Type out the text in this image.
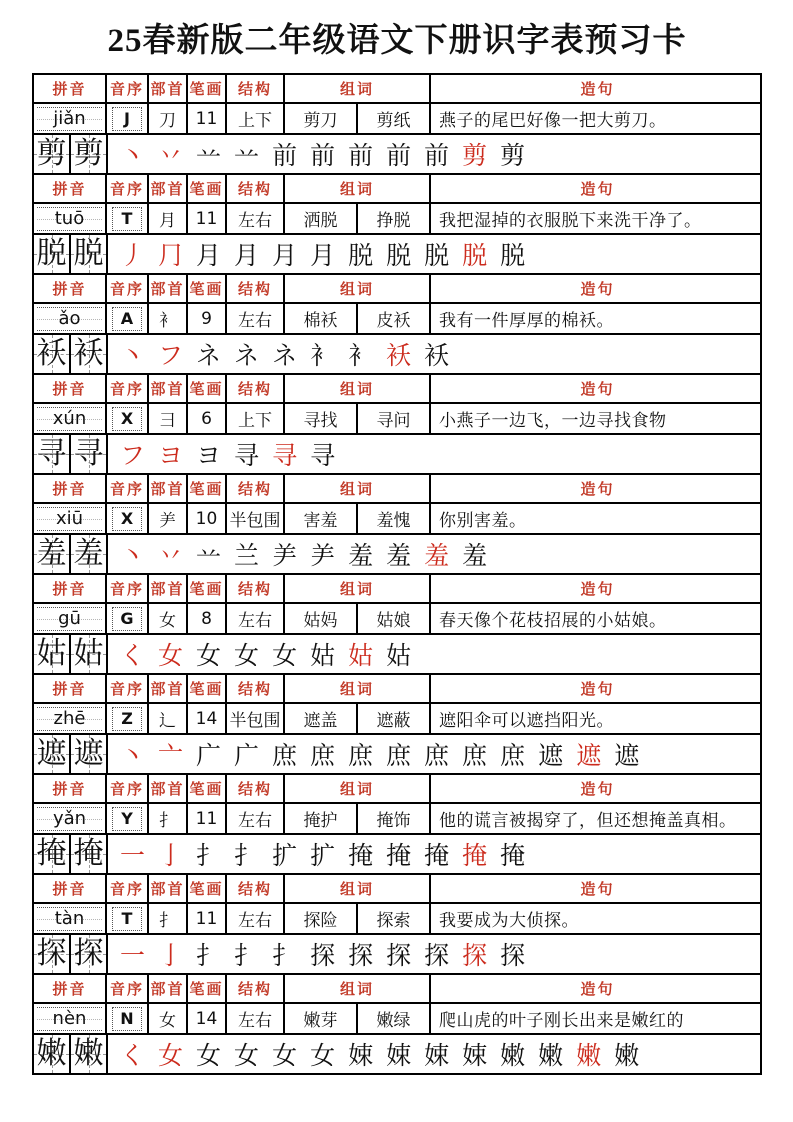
25春新版二年级语文下册识字表预习卡
拼音	音序 部首 笔画 结构	组词	造句
jiǎn	J	刀	11	上下	剪刀	剪纸	燕子的尾巴好像一把大剪刀。
剪 剪 丶 丷 䒑 䒑 前 前 前 前 前 剪 剪
拼音	音序 部首 笔画 结构	组词	造句
tuō	T	月	11	左右	洒脱	挣脱	我把湿掉的衣服脱下来洗干净了。
脱 脱 丿 ⺆ 月 月 月 月 脱 脱 脱 脱 脱
拼音	音序 部首 笔画 结构	组词	造句
ǎo	A	衤	9	左右	棉袄	皮袄	我有一件厚厚的棉袄。
袄 袄 丶 フ ネ ネ ネ 衤 衤 袄 袄
拼音	音序 部首 笔画 结构	组词	造句
xún	X	彐	6	上下	寻找	寻问	小燕子一边飞，一边寻找食物
寻 寻 フ ヨ ヨ 寻 寻 寻
拼音	音序 部首 笔画 结构	组词	造句
xiū	X	⺶	10 半包围	害羞	羞愧	你别害羞。
羞 羞 丶 丷 䒑 兰 ⺶ ⺶ 羞 羞 羞 羞
拼音	音序 部首 笔画 结构	组词	造句
gū	G	女	8	左右	姑妈	姑娘	春天像个花枝招展的小姑娘。
姑 姑 く 女 女 女 女 姑 姑 姑
拼音	音序 部首 笔画 结构	组词	造句
zhē	Z	辶	14 半包围	遮盖	遮蔽	遮阳伞可以遮挡阳光。
遮 遮 丶 亠 广 广 庶 庶 庶 庶 庶 庶 庶 遮 遮 遮
拼音	音序 部首 笔画 结构	组词	造句
yǎn	Y	扌	11	左右	掩护	掩饰	他的谎言被揭穿了，但还想掩盖真相。
掩 掩 一 亅 扌 扌 扩 扩 掩 掩 掩 掩 掩
拼音	音序 部首 笔画 结构	组词	造句
tàn	T	扌	11	左右	探险	探索	我要成为大侦探。
探 探 一 亅 扌 扌 扌 探 探 探 探 探 探
拼音	音序 部首 笔画 结构	组词	造句
nèn	N	女	14	左右	嫩芽	嫩绿	爬山虎的叶子刚长出来是嫩红的
嫩 嫩 く 女 女 女 女 女 娕 娕 娕 娕 嫩 嫩 嫩 嫩
